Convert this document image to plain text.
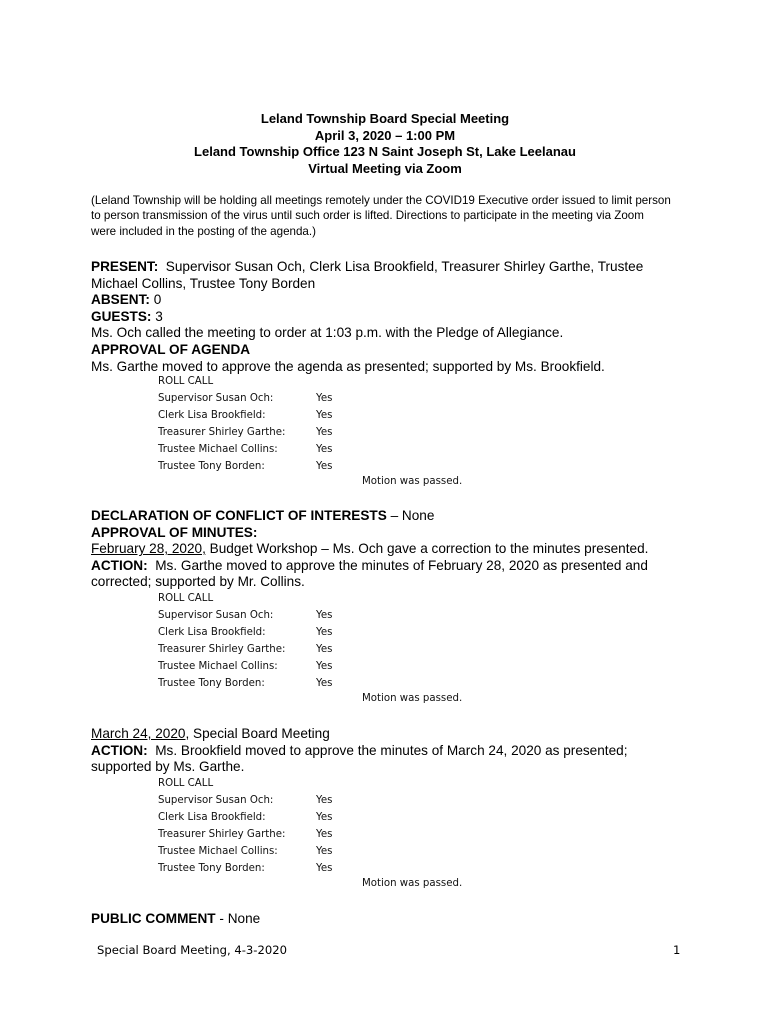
Leland Township Board Special Meeting
April 3, 2020 – 1:00 PM
Leland Township Office 123 N Saint Joseph St, Lake Leelanau
Virtual Meeting via Zoom
(Leland Township will be holding all meetings remotely under the COVID19 Executive order issued to limit person to person transmission of the virus until such order is lifted. Directions to participate in the meeting via Zoom were included in the posting of the agenda.)
PRESENT: Supervisor Susan Och, Clerk Lisa Brookfield, Treasurer Shirley Garthe, Trustee Michael Collins, Trustee Tony Borden
ABSENT: 0
GUESTS: 3
Ms. Och called the meeting to order at 1:03 p.m. with the Pledge of Allegiance.
APPROVAL OF AGENDA
Ms. Garthe moved to approve the agenda as presented; supported by Ms. Brookfield.
ROLL CALL
Supervisor Susan Och:	Yes
Clerk Lisa Brookfield:	Yes
Treasurer Shirley Garthe:	Yes
Trustee Michael Collins:	Yes
Trustee Tony Borden:	Yes
Motion was passed.
DECLARATION OF CONFLICT OF INTERESTS – None
APPROVAL OF MINUTES:
February 28, 2020, Budget Workshop – Ms. Och gave a correction to the minutes presented.
ACTION: Ms. Garthe moved to approve the minutes of February 28, 2020 as presented and corrected; supported by Mr. Collins.
ROLL CALL
Supervisor Susan Och:	Yes
Clerk Lisa Brookfield:	Yes
Treasurer Shirley Garthe:	Yes
Trustee Michael Collins:	Yes
Trustee Tony Borden:	Yes
Motion was passed.
March 24, 2020, Special Board Meeting
ACTION: Ms. Brookfield moved to approve the minutes of March 24, 2020 as presented; supported by Ms. Garthe.
ROLL CALL
Supervisor Susan Och:	Yes
Clerk Lisa Brookfield:	Yes
Treasurer Shirley Garthe:	Yes
Trustee Michael Collins:	Yes
Trustee Tony Borden:	Yes
Motion was passed.
PUBLIC COMMENT - None
Special Board Meeting, 4-3-2020	1
